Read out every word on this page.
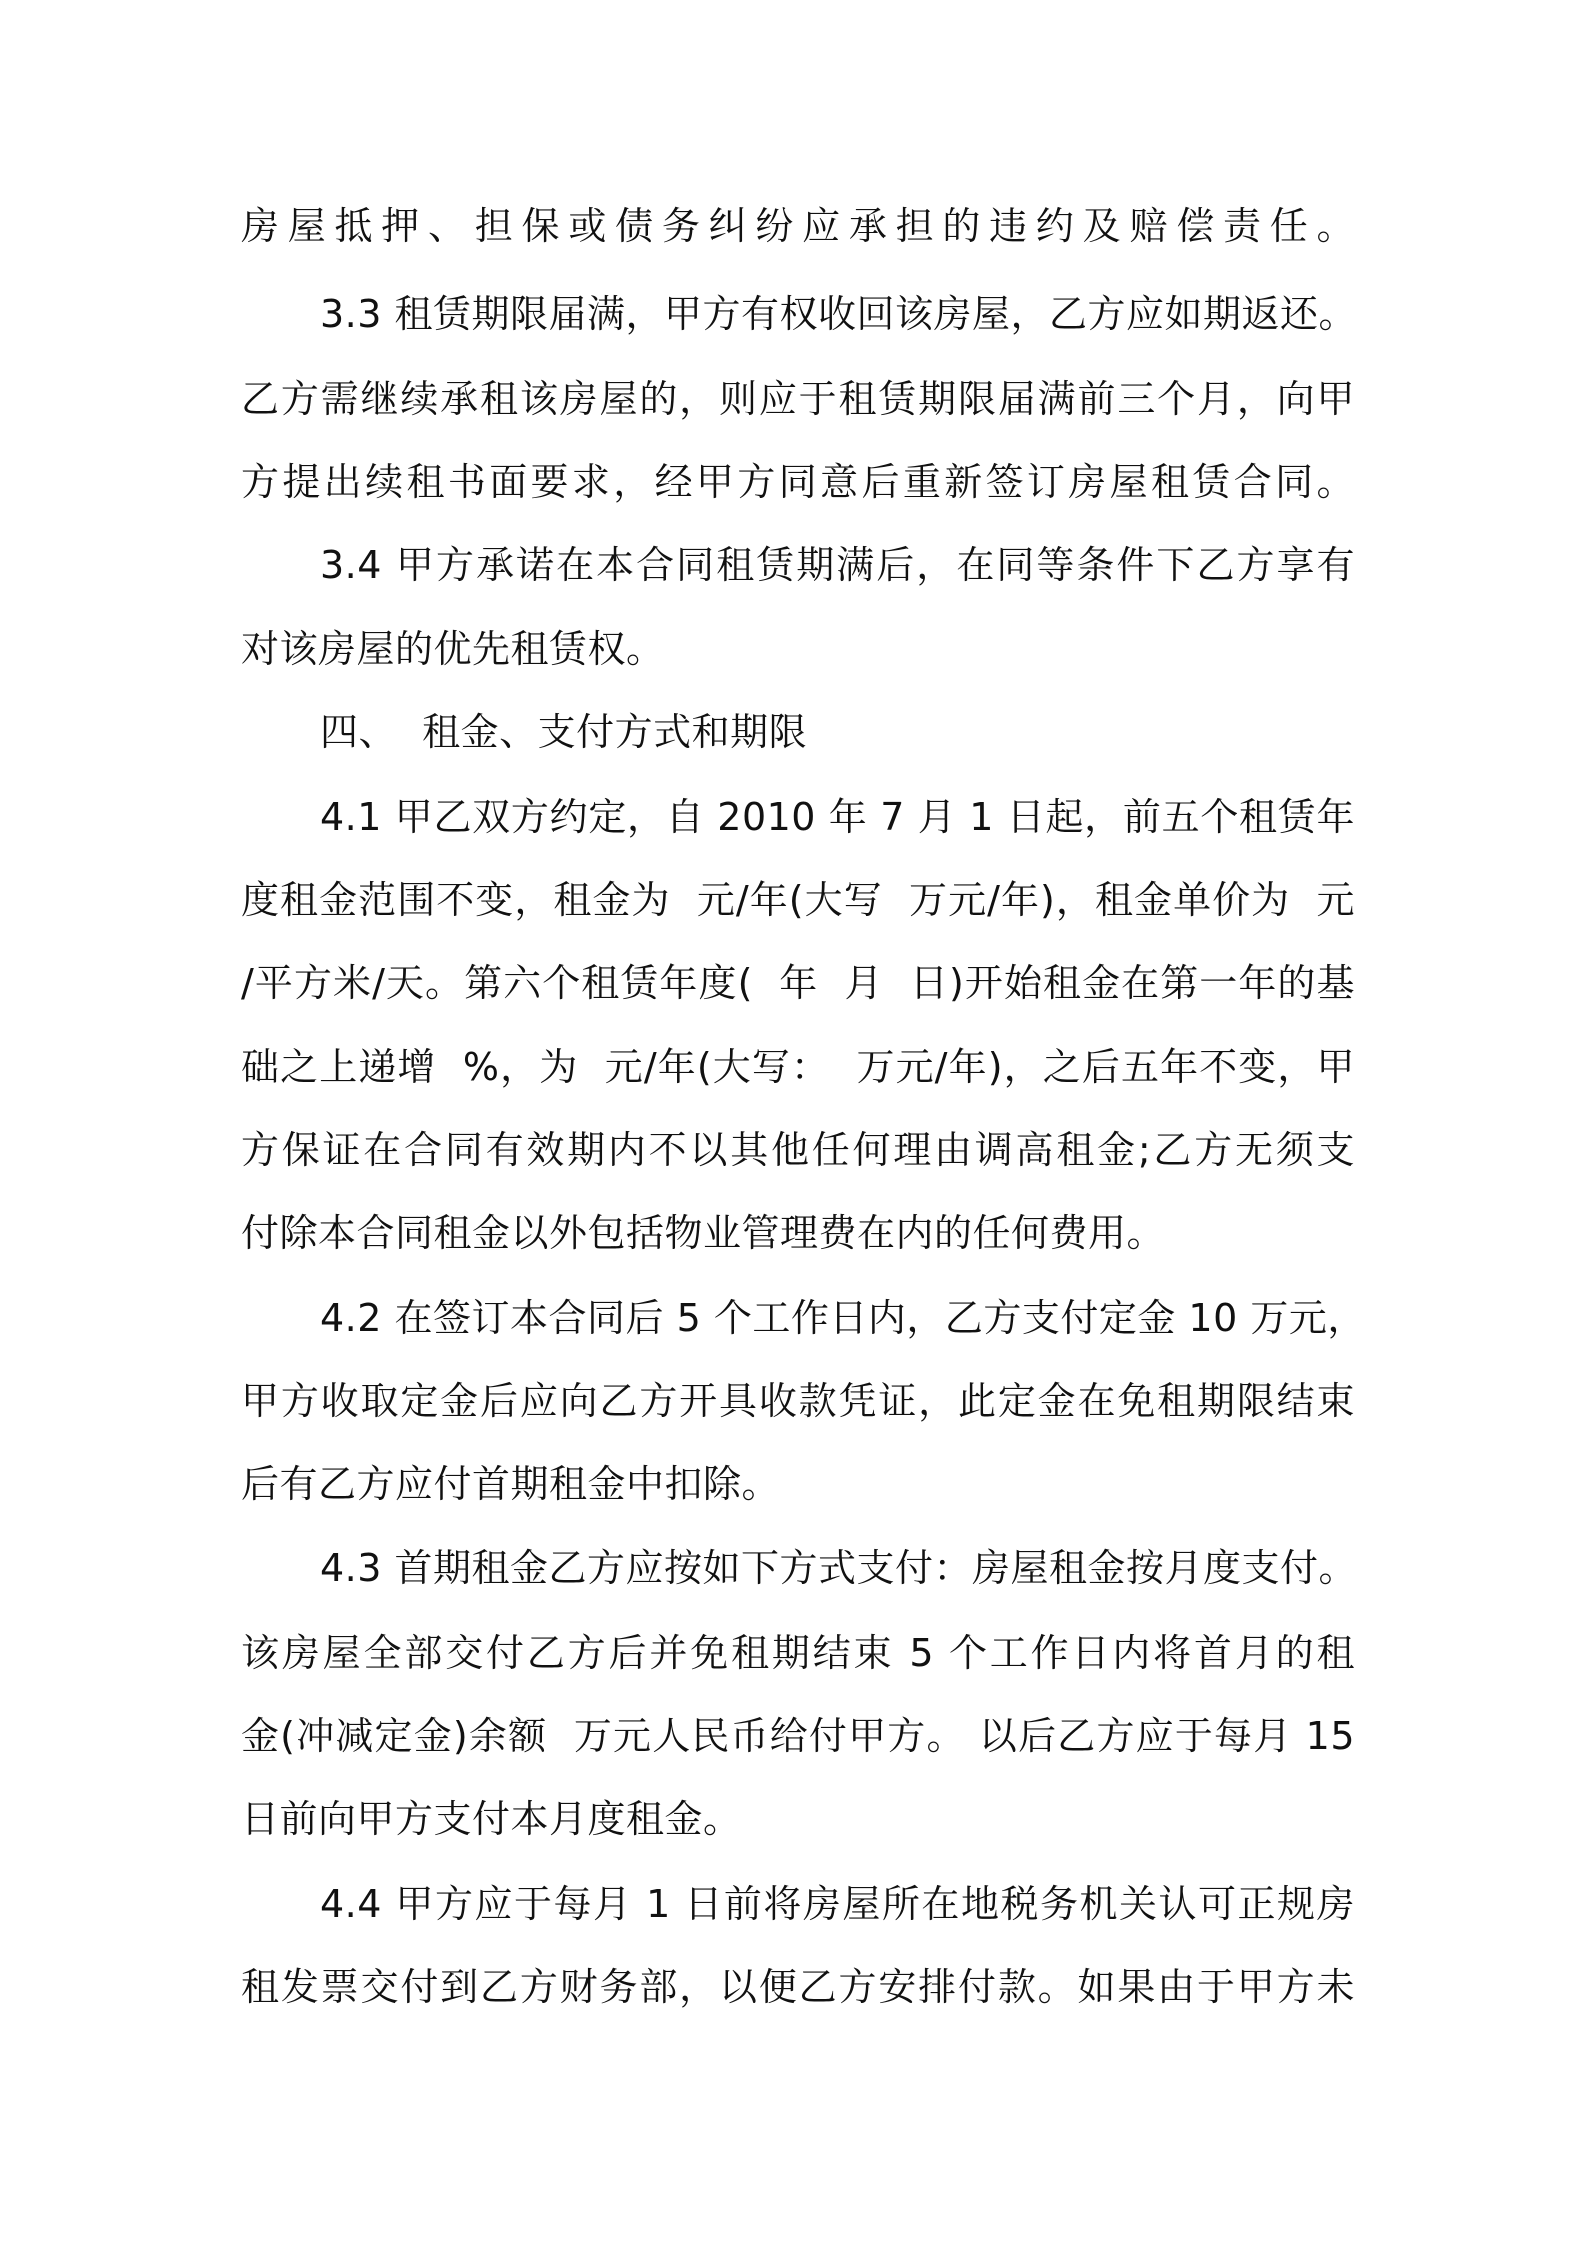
房屋抵押、担保或债务纠纷应承担的违约及赔偿责任。
3.3 租赁期限届满，甲方有权收回该房屋，乙方应如期返还。
乙方需继续承租该房屋的，则应于租赁期限届满前三个月，向甲
方提出续租书面要求，经甲方同意后重新签订房屋租赁合同。
3.4 甲方承诺在本合同租赁期满后，在同等条件下乙方享有
对该房屋的优先租赁权。
四、  租金、支付方式和期限
4.1 甲乙双方约定，自 2010 年 7 月 1 日起，前五个租赁年
度租金范围不变，租金为  元/年(大写  万元/年)，租金单价为  元
/平方米/天。第六个租赁年度(  年  月  日)开始租金在第一年的基
础之上递增  %，为  元/年(大写：  万元/年)，之后五年不变，甲
方保证在合同有效期内不以其他任何理由调高租金;乙方无须支
付除本合同租金以外包括物业管理费在内的任何费用。
4.2 在签订本合同后 5 个工作日内，乙方支付定金 10 万元，
甲方收取定金后应向乙方开具收款凭证，此定金在免租期限结束
后有乙方应付首期租金中扣除。
4.3 首期租金乙方应按如下方式支付：房屋租金按月度支付。
该房屋全部交付乙方后并免租期结束 5 个工作日内将首月的租
金(冲减定金)余额  万元人民币给付甲方。 以后乙方应于每月 15
日前向甲方支付本月度租金。
4.4 甲方应于每月 1 日前将房屋所在地税务机关认可正规房
租发票交付到乙方财务部，以便乙方安排付款。如果由于甲方未
